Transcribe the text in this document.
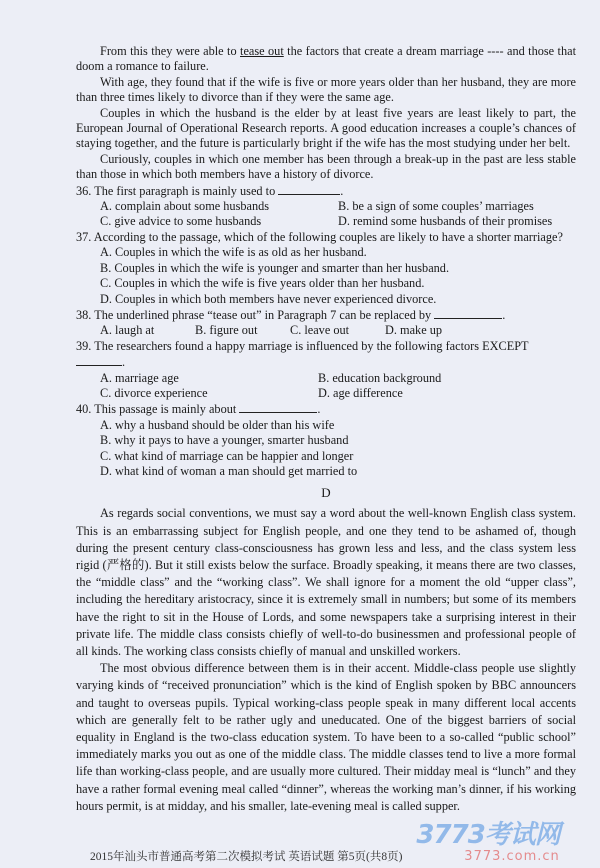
From this they were able to tease out the factors that create a dream marriage ---- and those that doom a romance to failure.

With age, they found that if the wife is five or more years older than her husband, they are more than three times likely to divorce than if they were the same age.

Couples in which the husband is the elder by at least five years are least likely to part, the European Journal of Operational Research reports. A good education increases a couple’s chances of staying together, and the future is particularly bright if the wife has the most studying under her belt.

Curiously, couples in which one member has been through a break-up in the past are less stable than those in which both members have a history of divorce.

36. The first paragraph is mainly used to	.
A. complain about some husbands	B. be a sign of some couples’ marriages
C. give advice to some husbands	D. remind some husbands of their promises
37. According to the passage, which of the following couples are likely to have a shorter marriage?
A. Couples in which the wife is as old as her husband.
B. Couples in which the wife is younger and smarter than her husband.
C. Couples in which the wife is five years older than her husband.
D. Couples in which both members have never experienced divorce.
38. The underlined phrase “tease out” in Paragraph 7 can be replaced by	.
A. laugh at	B. figure out	C. leave out	D. make up
39. The researchers found a happy marriage is influenced by the following factors EXCEPT .
A. marriage age	B. education background
C. divorce experience	D. age difference
40. This passage is mainly about	.
A. why a husband should be older than his wife
B. why it pays to have a younger, smarter husband
C. what kind of marriage can be happier and longer
D. what kind of woman a man should get married to
D

As regards social conventions, we must say a word about the well-known English class system. This is an embarrassing subject for English people, and one they tend to be ashamed of, though during the present century class-consciousness has grown less and less, and the class system less rigid (严格的). But it still exists below the surface. Broadly speaking, it means there are two classes, the “middle class” and the “working class”. We shall ignore for a moment the old “upper class”, including the hereditary aristocracy, since it is extremely small in numbers; but some of its members have the right to sit in the House of Lords, and some newspapers take a surprising interest in their private life. The middle class consists chiefly of well-to-do businessmen and professional people of all kinds. The working class consists chiefly of manual and unskilled workers.

The most obvious difference between them is in their accent. Middle-class people use slightly varying kinds of “received pronunciation” which is the kind of English spoken by BBC announcers and taught to overseas pupils. Typical working-class people speak in many different local accents which are generally felt to be rather ugly and uneducated. One of the biggest barriers of social equality in England is the two-class education system. To have been to a so-called “public school” immediately marks you out as one of the middle class. The middle classes tend to live a more formal life than working-class people, and are usually more cultured. Their midday meal is “lunch” and they have a rather formal evening meal called “dinner”, whereas the working man’s dinner, if his working hours permit, is at midday, and his smaller, late-evening meal is called supper.

2015年汕头市普通高考第二次模拟考试 英语试题 第5页(共8页)
3773考试网
3773.com.cn
